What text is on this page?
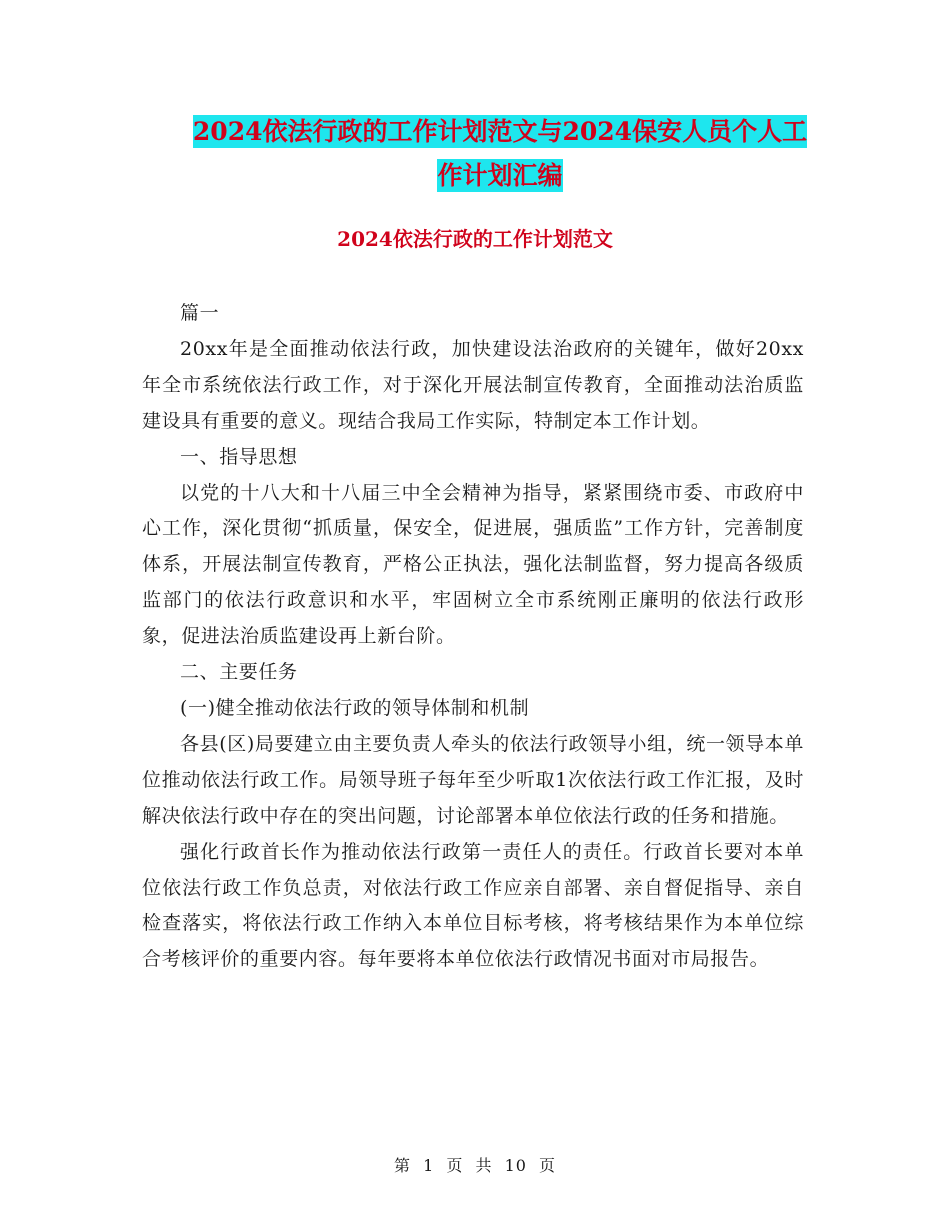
2024依法行政的工作计划范文与2024保安人员个人工
作计划汇编
2024依法行政的工作计划范文

篇一

20xx年是全面推动依法行政，加快建设法治政府的关键年，做好20xx年全市系统依法行政工作，对于深化开展法制宣传教育，全面推动法治质监建设具有重要的意义。现结合我局工作实际，特制定本工作计划。

一、指导思想

以党的十八大和十八届三中全会精神为指导，紧紧围绕市委、市政府中心工作，深化贯彻“抓质量，保安全，促进展，强质监”工作方针，完善制度体系，开展法制宣传教育，严格公正执法，强化法制监督，努力提高各级质监部门的依法行政意识和水平，牢固树立全市系统刚正廉明的依法行政形象，促进法治质监建设再上新台阶。

二、主要任务

(一)健全推动依法行政的领导体制和机制

各县(区)局要建立由主要负责人牵头的依法行政领导小组，统一领导本单位推动依法行政工作。局领导班子每年至少听取1次依法行政工作汇报，及时解决依法行政中存在的突出问题，讨论部署本单位依法行政的任务和措施。

强化行政首长作为推动依法行政第一责任人的责任。行政首长要对本单位依法行政工作负总责，对依法行政工作应亲自部署、亲自督促指导、亲自检查落实，将依法行政工作纳入本单位目标考核，将考核结果作为本单位综合考核评价的重要内容。每年要将本单位依法行政情况书面对市局报告。

第 1 页 共 10 页
